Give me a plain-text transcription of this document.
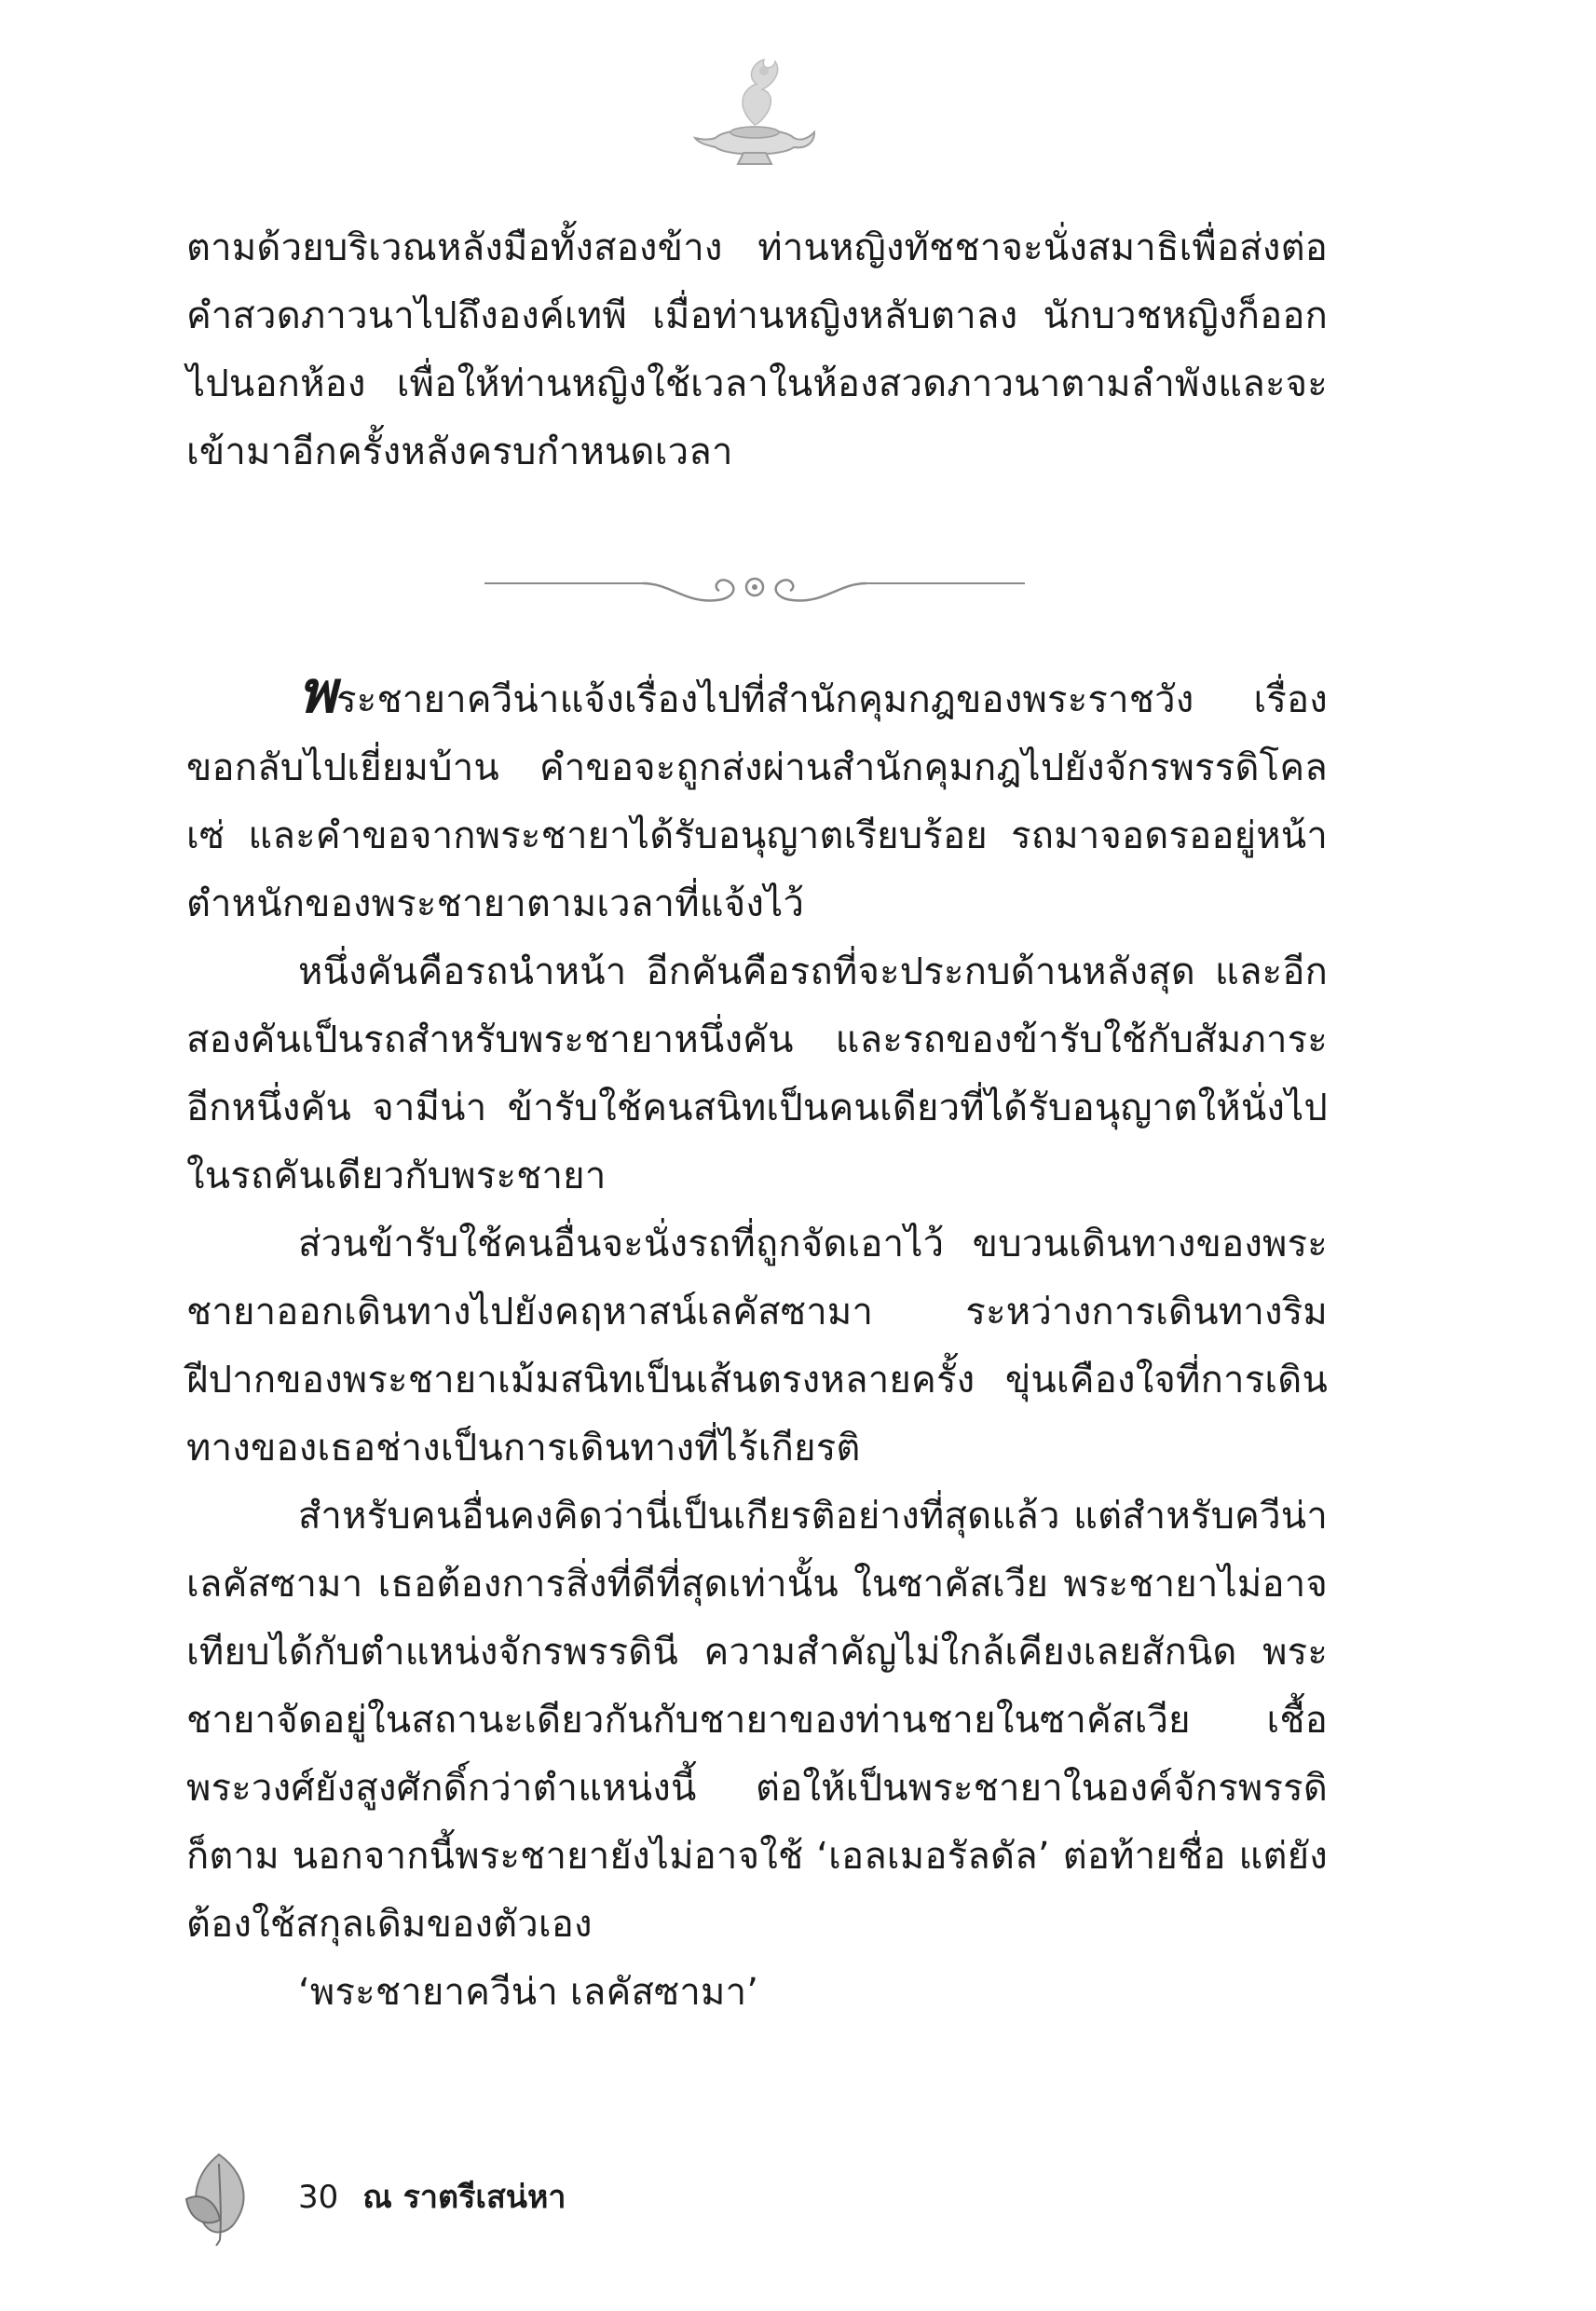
ตามด้วยบริเวณหลังมือทั้งสองข้าง ท่านหญิงทัชชาจะนั่งสมาธิเพื่อส่งต่อคำสวดภาวนาไปถึงองค์เทพี เมื่อท่านหญิงหลับตาลง นักบวชหญิงก็ออกไปนอกห้อง เพื่อให้ท่านหญิงใช้เวลาในห้องสวดภาวนาตามลำพังและจะเข้ามาอีกครั้งหลังครบกำหนดเวลา

พระชายาควีน่าแจ้งเรื่องไปที่สำนักคุมกฎของพระราชวัง เรื่องขอกลับไปเยี่ยมบ้าน คำขอจะถูกส่งผ่านสำนักคุมกฎไปยังจักรพรรดิโคลเซ่ และคำขอจากพระชายาได้รับอนุญาตเรียบร้อย รถมาจอดรออยู่หน้าตำหนักของพระชายาตามเวลาที่แจ้งไว้

หนึ่งคันคือรถนำหน้า อีกคันคือรถที่จะประกบด้านหลังสุด และอีกสองคันเป็นรถสำหรับพระชายาหนึ่งคัน และรถของข้ารับใช้กับสัมภาระอีกหนึ่งคัน จามีน่า ข้ารับใช้คนสนิทเป็นคนเดียวที่ได้รับอนุญาตให้นั่งไปในรถคันเดียวกับพระชายา

ส่วนข้ารับใช้คนอื่นจะนั่งรถที่ถูกจัดเอาไว้ ขบวนเดินทางของพระชายาออกเดินทางไปยังคฤหาสน์เลคัสซามา ระหว่างการเดินทางริมฝีปากของพระชายาเม้มสนิทเป็นเส้นตรงหลายครั้ง ขุ่นเคืองใจที่การเดินทางของเธอช่างเป็นการเดินทางที่ไร้เกียรติ

สำหรับคนอื่นคงคิดว่านี่เป็นเกียรติอย่างที่สุดแล้ว แต่สำหรับควีน่า เลคัสซามา เธอต้องการสิ่งที่ดีที่สุดเท่านั้น ในซาคัสเวีย พระชายาไม่อาจเทียบได้กับตำแหน่งจักรพรรดินี ความสำคัญไม่ใกล้เคียงเลยสักนิด พระชายาจัดอยู่ในสถานะเดียวกันกับชายาของท่านชายในซาคัสเวีย เชื้อพระวงศ์ยังสูงศักดิ์กว่าตำแหน่งนี้ ต่อให้เป็นพระชายาในองค์จักรพรรดิก็ตาม นอกจากนี้พระชายายังไม่อาจใช้ ‘เอลเมอรัลดัล’ ต่อท้ายชื่อ แต่ยังต้องใช้สกุลเดิมของตัวเอง

‘พระชายาควีน่า เลคัสซามา’

30 ณ ราตรีเสน่หา
